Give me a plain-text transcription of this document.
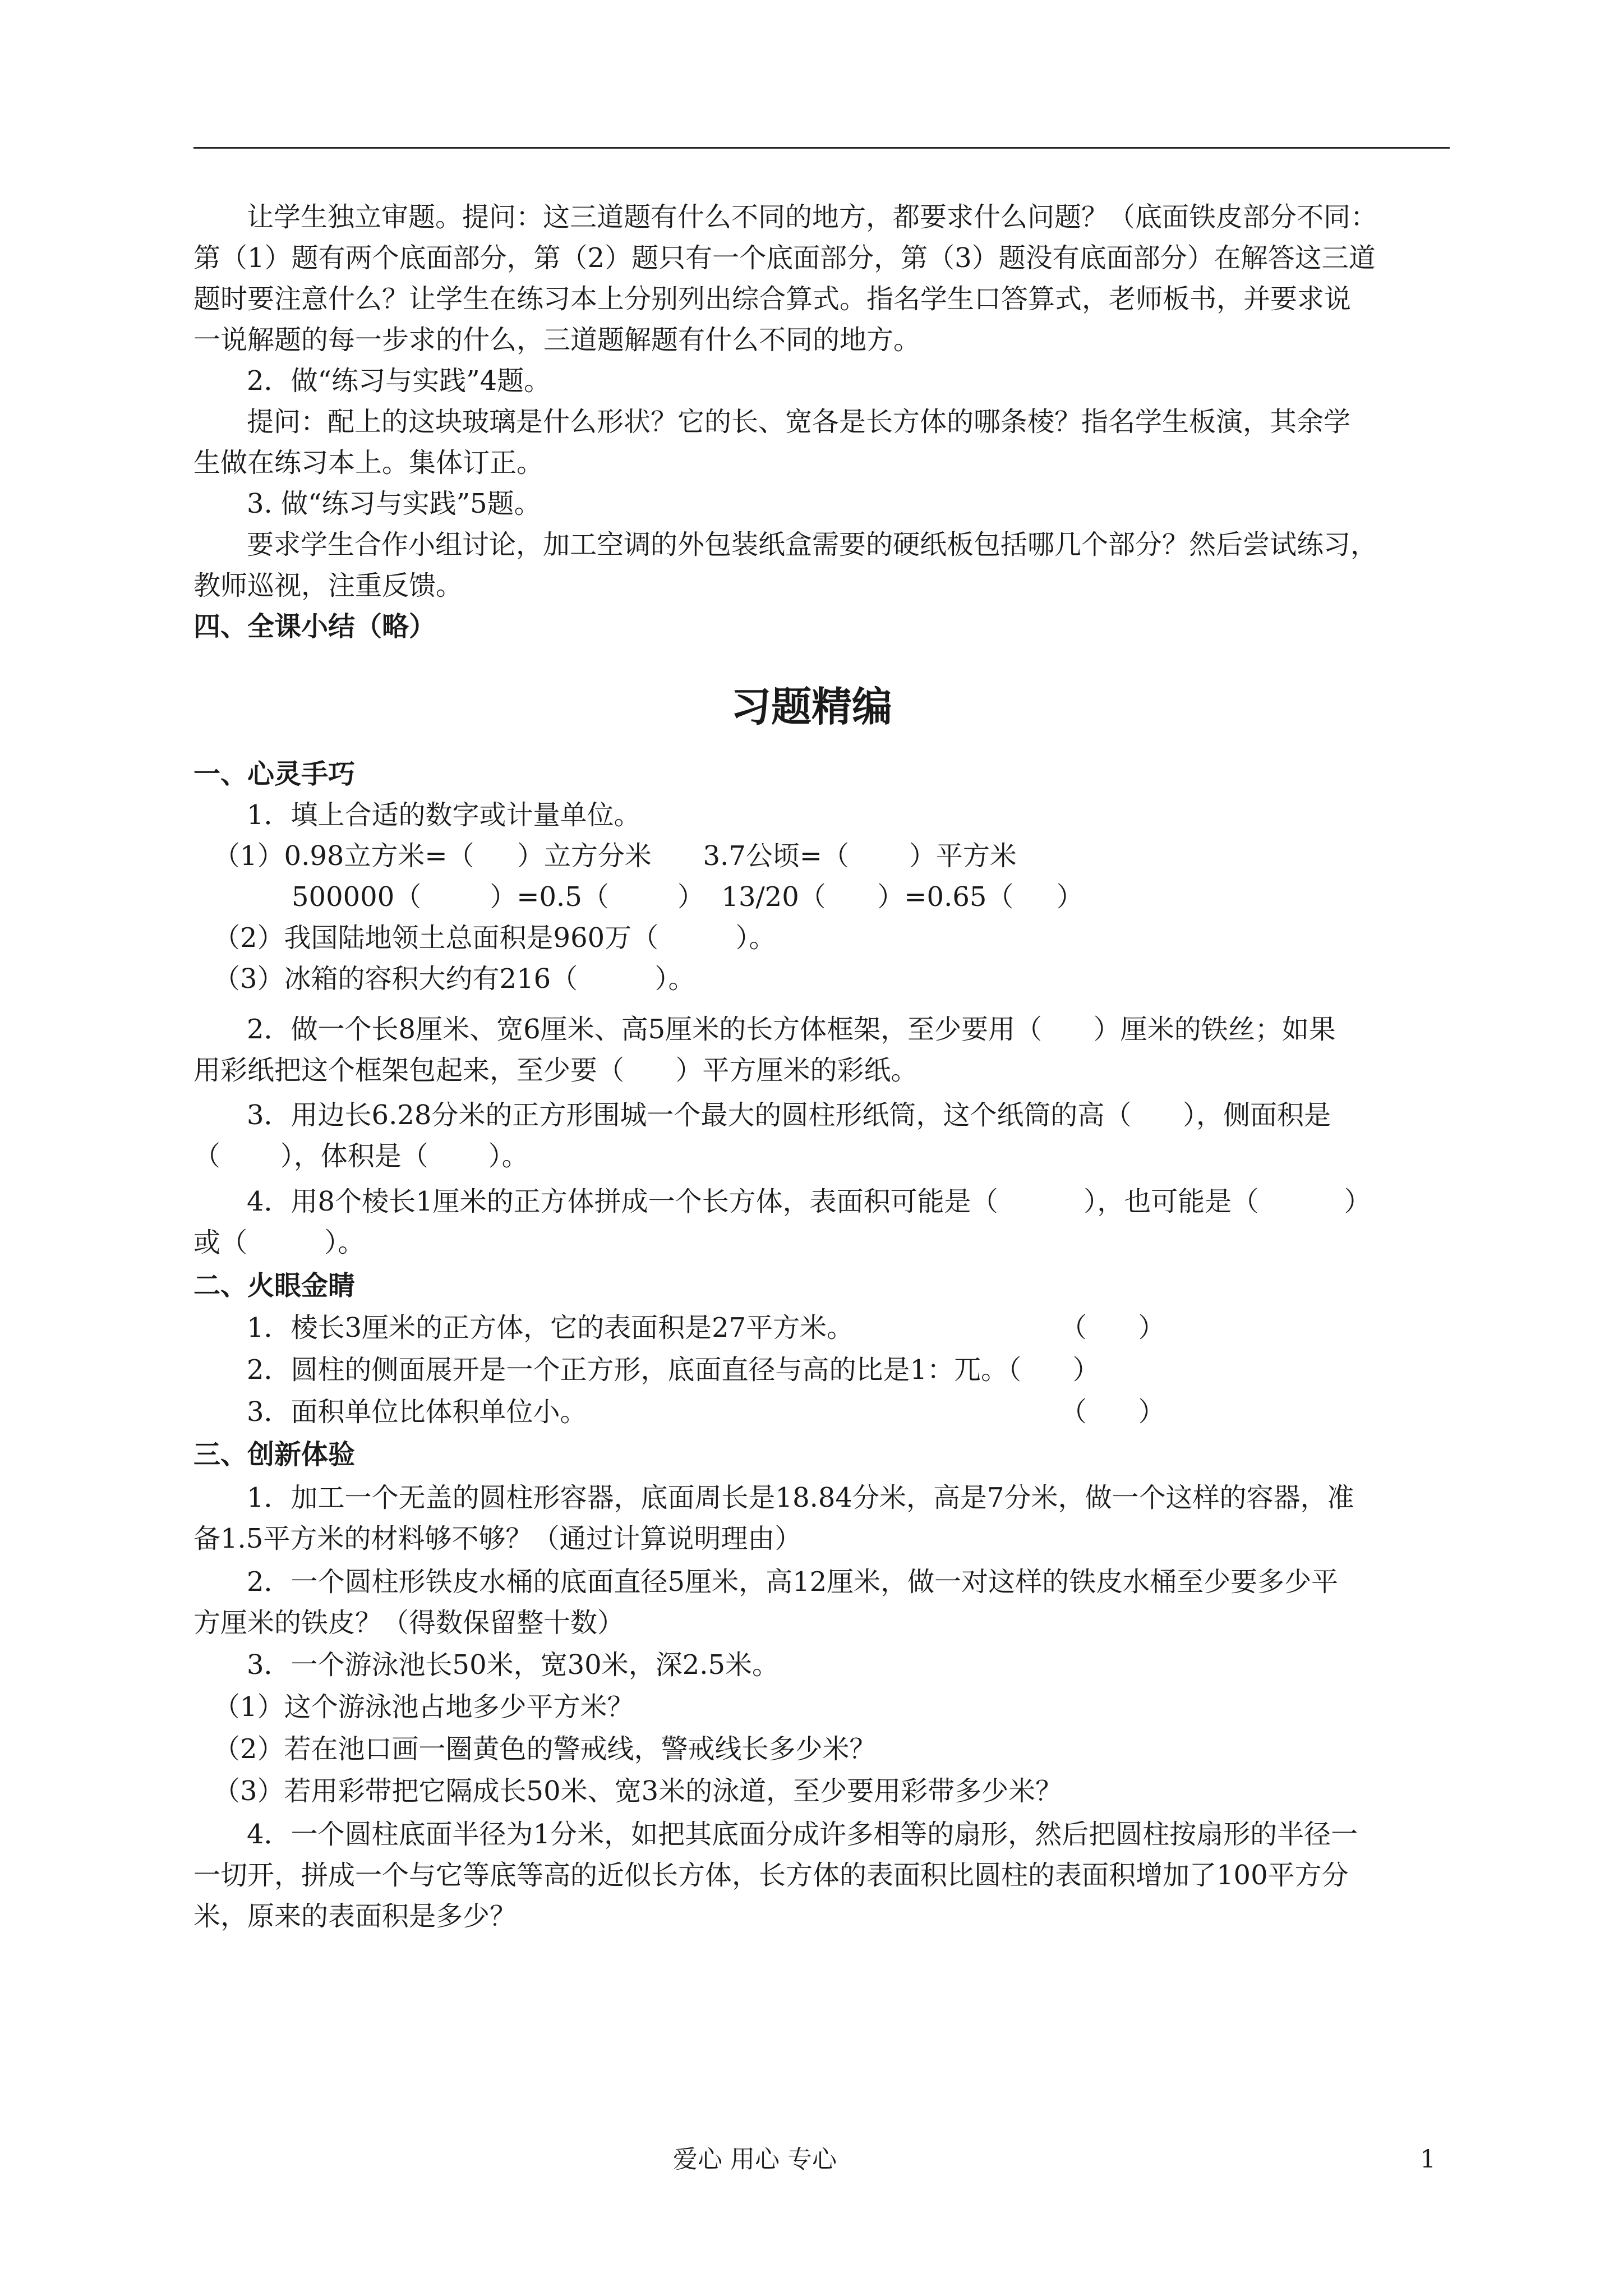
让学生独立审题。提问：这三道题有什么不同的地方，都要求什么问题？（底面铁皮部分不同：
第（1）题有两个底面部分，第（2）题只有一个底面部分，第（3）题没有底面部分）在解答这三道
题时要注意什么？让学生在练习本上分别列出综合算式。指名学生口答算式，老师板书，并要求说
一说解题的每一步求的什么，三道题解题有什么不同的地方。
2．做“练习与实践”4题。
提问：配上的这块玻璃是什么形状？它的长、宽各是长方体的哪条棱？指名学生板演，其余学
生做在练习本上。集体订正。
3. 做“练习与实践”5题。
要求学生合作小组讨论，加工空调的外包装纸盒需要的硬纸板包括哪几个部分？然后尝试练习，
教师巡视，注重反馈。
四、全课小结（略）
习题精编
一、心灵手巧
1．填上合适的数字或计量单位。
（1）0.98立方米=（     ）立方分米      3.7公顷=（       ）平方米
500000（        ）=0.5（        ）  13/20（      ）=0.65（     ）
（2）我国陆地领土总面积是960万（         ）。
（3）冰箱的容积大约有216（         ）。
2．做一个长8厘米、宽6厘米、高5厘米的长方体框架，至少要用（      ）厘米的铁丝；如果
用彩纸把这个框架包起来，至少要（      ）平方厘米的彩纸。
3．用边长6.28分米的正方形围城一个最大的圆柱形纸筒，这个纸筒的高（      ），侧面积是
（       ），体积是（       ）。
4．用8个棱长1厘米的正方体拼成一个长方体，表面积可能是（          ），也可能是（          ）
或（         ）。
二、火眼金睛
1．棱长3厘米的正方体，它的表面积是27平方米。	（      ）
2．圆柱的侧面展开是一个正方形，底面直径与高的比是1：兀。（      ）
3．面积单位比体积单位小。	（      ）
三、创新体验
1．加工一个无盖的圆柱形容器，底面周长是18.84分米，高是7分米，做一个这样的容器，准
备1.5平方米的材料够不够？（通过计算说明理由）
2．一个圆柱形铁皮水桶的底面直径5厘米，高12厘米，做一对这样的铁皮水桶至少要多少平
方厘米的铁皮？（得数保留整十数）
3．一个游泳池长50米，宽30米，深2.5米。
（1）这个游泳池占地多少平方米？
（2）若在池口画一圈黄色的警戒线，警戒线长多少米？
（3）若用彩带把它隔成长50米、宽3米的泳道，至少要用彩带多少米？
4．一个圆柱底面半径为1分米，如把其底面分成许多相等的扇形，然后把圆柱按扇形的半径一
一切开，拼成一个与它等底等高的近似长方体，长方体的表面积比圆柱的表面积增加了100平方分
米，原来的表面积是多少？
爱心 用心 专心	1
